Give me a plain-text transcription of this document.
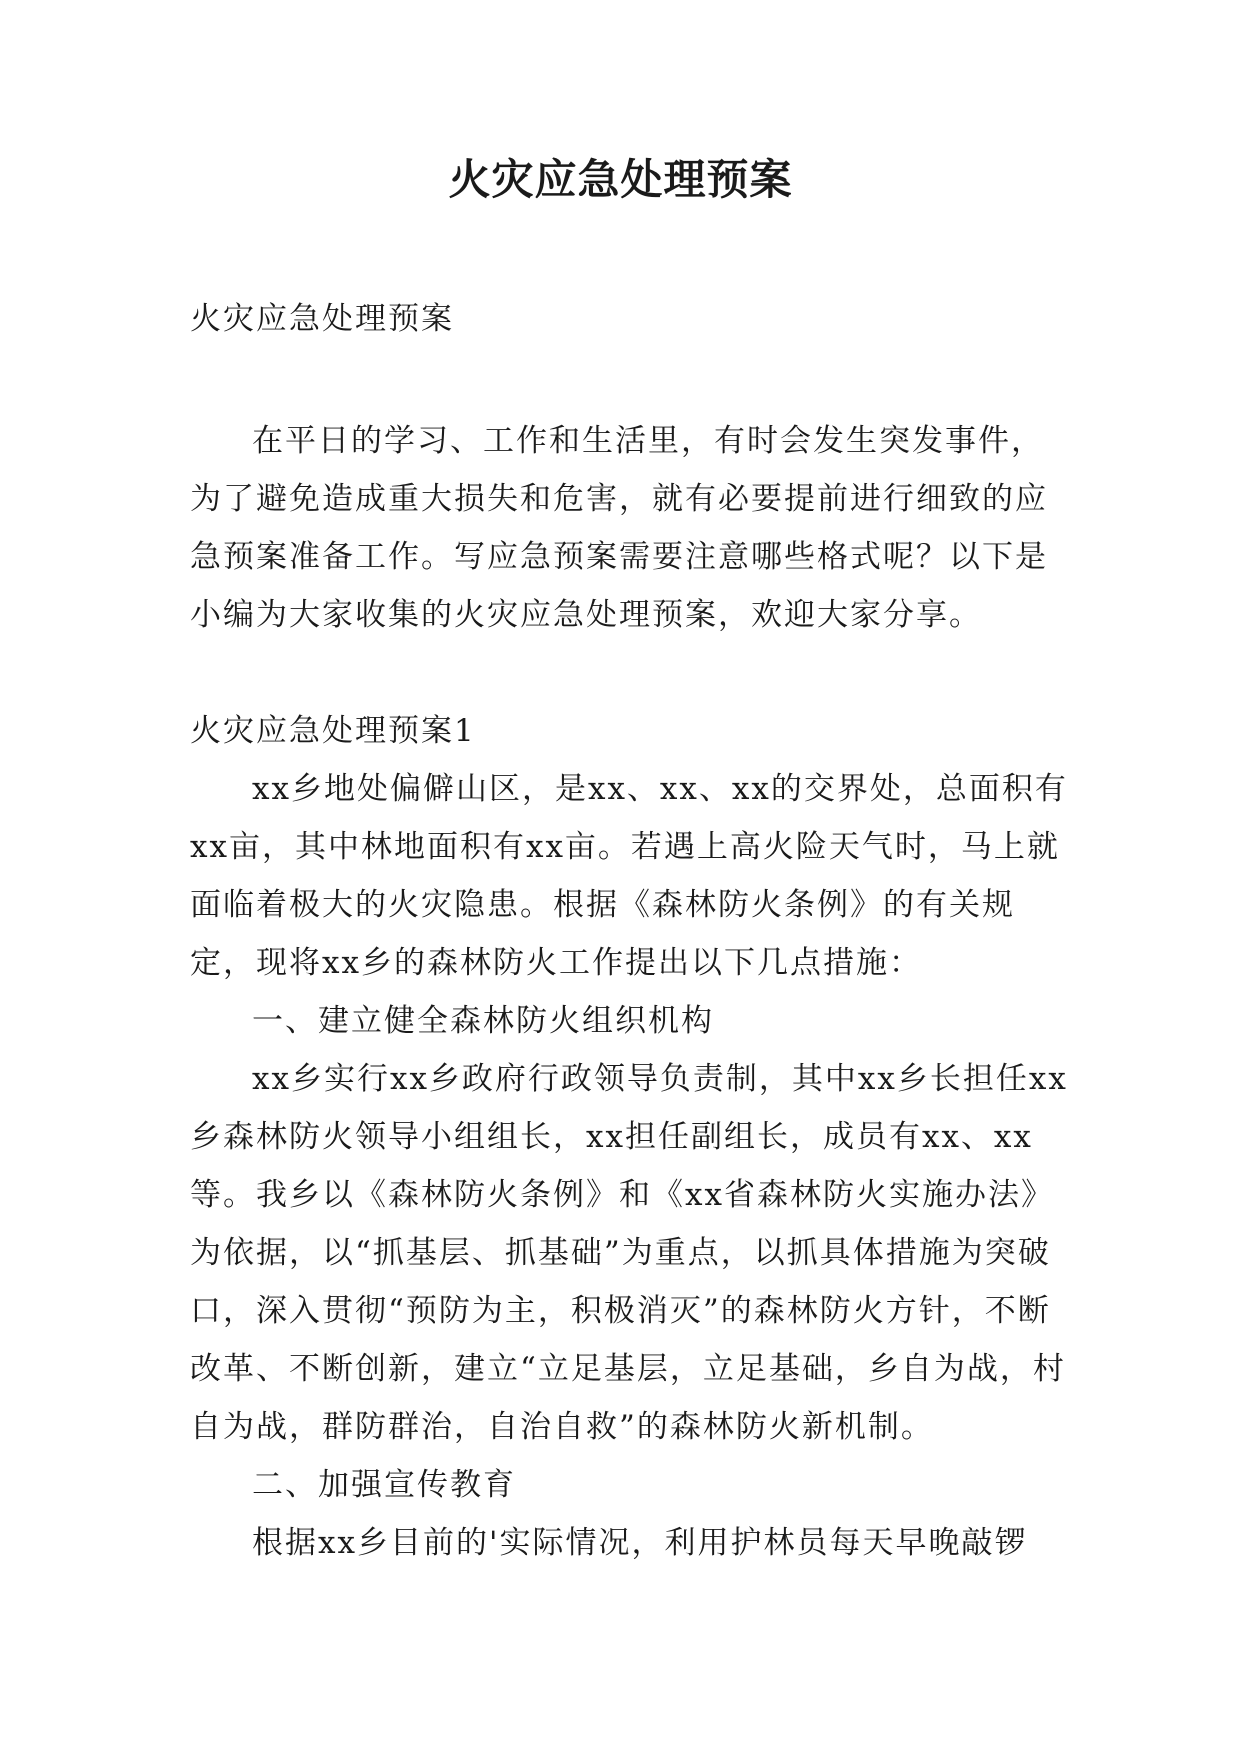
火灾应急处理预案

火灾应急处理预案

在平日的学习、工作和生活里，有时会发生突发事件，为了避免造成重大损失和危害，就有必要提前进行细致的应急预案准备工作。写应急预案需要注意哪些格式呢？以下是小编为大家收集的火灾应急处理预案，欢迎大家分享。

火灾应急处理预案1

xx乡地处偏僻山区，是xx、xx、xx的交界处，总面积有xx亩，其中林地面积有xx亩。若遇上高火险天气时，马上就面临着极大的火灾隐患。根据《森林防火条例》的有关规定，现将xx乡的森林防火工作提出以下几点措施：

一、建立健全森林防火组织机构

xx乡实行xx乡政府行政领导负责制，其中xx乡长担任xx乡森林防火领导小组组长，xx担任副组长，成员有xx、xx等。我乡以《森林防火条例》和《xx省森林防火实施办法》为依据，以“抓基层、抓基础”为重点，以抓具体措施为突破口，深入贯彻“预防为主，积极消灭”的森林防火方针，不断改革、不断创新，建立“立足基层，立足基础，乡自为战，村自为战，群防群治，自治自救”的森林防火新机制。

二、加强宣传教育

根据xx乡目前的'实际情况，利用护林员每天早晚敲锣
